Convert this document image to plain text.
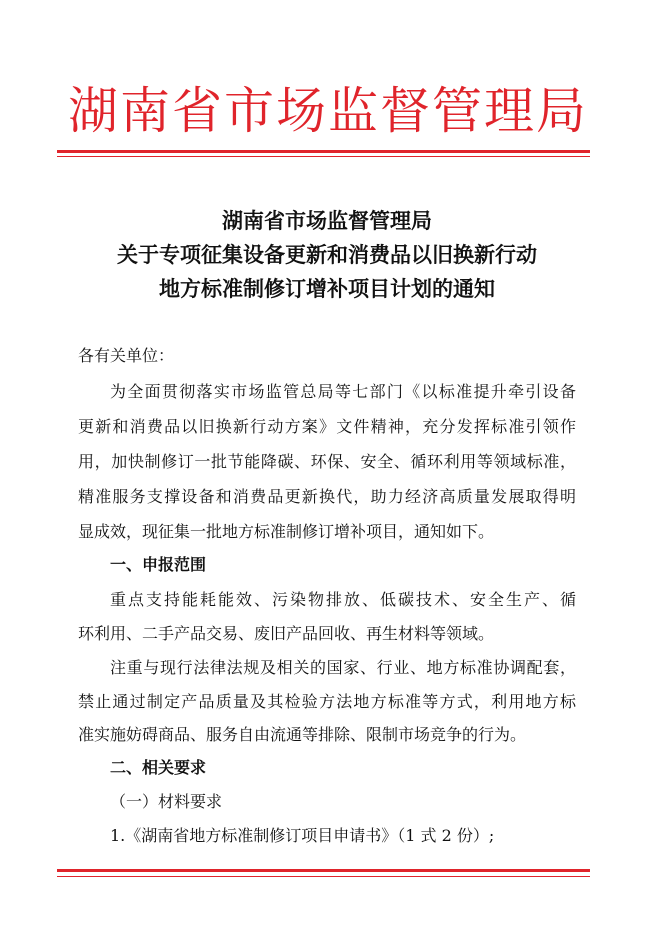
湖南省市场监督管理局
湖南省市场监督管理局
关于专项征集设备更新和消费品以旧换新行动
地方标准制修订增补项目计划的通知
各有关单位：
为全面贯彻落实市场监管总局等七部门《以标准提升牵引设备
更新和消费品以旧换新行动方案》文件精神，充分发挥标准引领作
用，加快制修订一批节能降碳、环保、安全、循环利用等领域标准，
精准服务支撑设备和消费品更新换代，助力经济高质量发展取得明
显成效，现征集一批地方标准制修订增补项目，通知如下。
一、申报范围
重点支持能耗能效、污染物排放、低碳技术、安全生产、循
环利用、二手产品交易、废旧产品回收、再生材料等领域。
注重与现行法律法规及相关的国家、行业、地方标准协调配套，
禁止通过制定产品质量及其检验方法地方标准等方式，利用地方标
准实施妨碍商品、服务自由流通等排除、限制市场竞争的行为。
二、相关要求
（一）材料要求
1.《湖南省地方标准制修订项目申请书》（1 式 2 份）;
